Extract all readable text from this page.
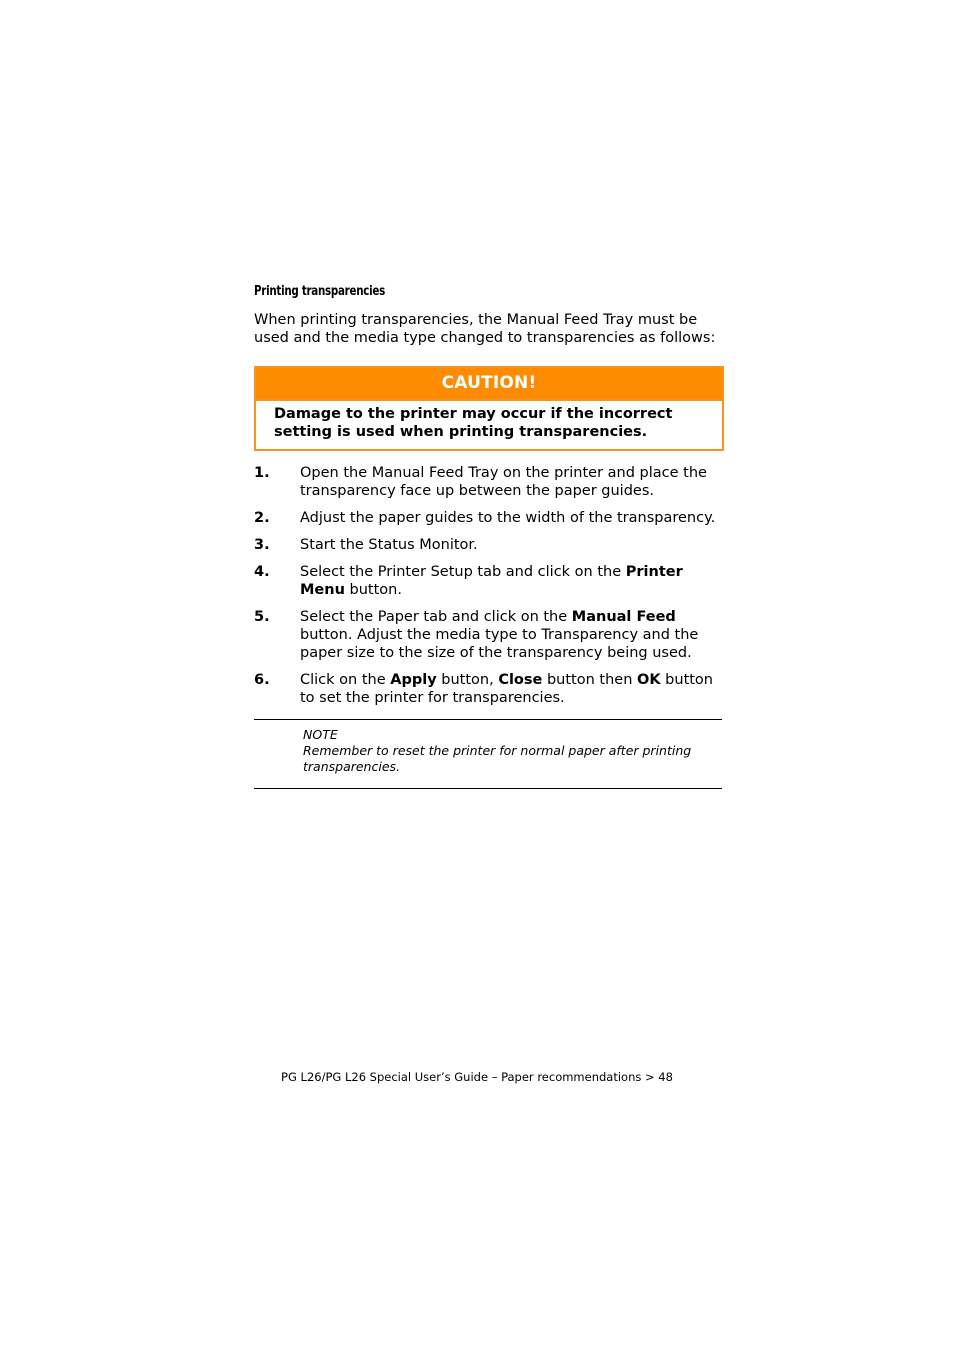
Printing transparencies

When printing transparencies, the Manual Feed Tray must be used and the media type changed to transparencies as follows:

CAUTION!
Damage to the printer may occur if the incorrect setting is used when printing transparencies.
1.	Open the Manual Feed Tray on the printer and place the transparency face up between the paper guides.
2.	Adjust the paper guides to the width of the transparency.
3.	Start the Status Monitor.
4.	Select the Printer Setup tab and click on the Printer Menu button.
5.	Select the Paper tab and click on the Manual Feed button. Adjust the media type to Transparency and the paper size to the size of the transparency being used.
6.	Click on the Apply button, Close button then OK button to set the printer for transparencies.
NOTE
Remember to reset the printer for normal paper after printing transparencies.
PG L26/PG L26 Special User’s Guide – Paper recommendations > 48
